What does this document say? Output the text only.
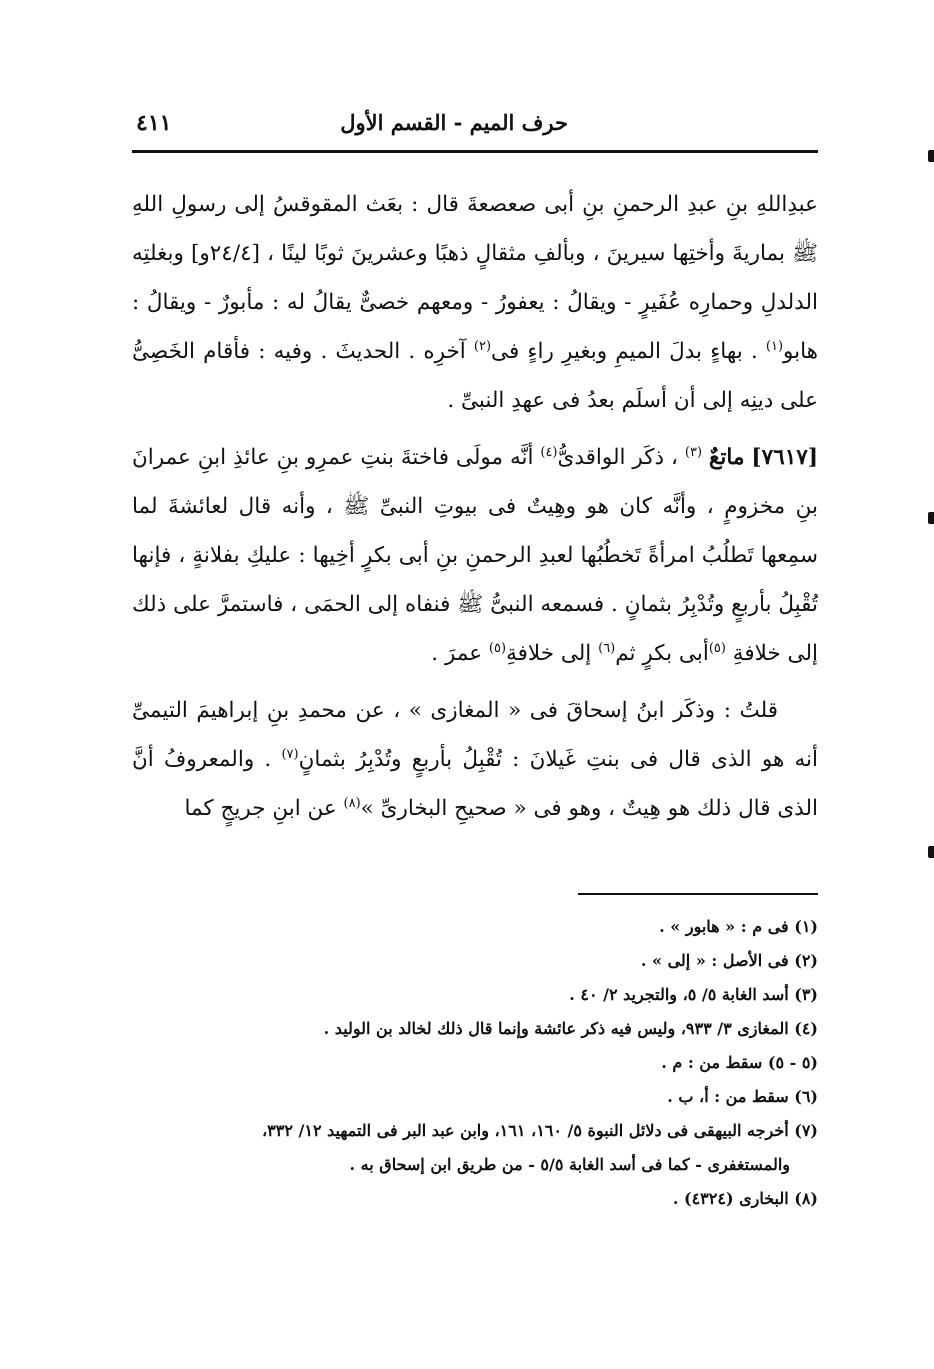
حرف الميم - القسم الأول
٤١١

عبدِاللهِ بنِ عبدِ الرحمنِ بنِ أبى صعصعةَ قال : بعَث المقوقسُ إلى رسولِ اللهِ ﷺ بماريةَ وأختِها سيرينَ ، وبألفِ مثقالٍ ذهبًا وعشرينَ ثوبًا لينًا ، [٢٤/٤و] وبغلتِه الدلدلِ وحمارِه عُفَيرٍ - ويقالُ : يعفورُ - ومعهم خصىٌّ يقالُ له : مأبورٌ - ويقالُ : هابو$^{(١)}$ . بهاءٍ بدلَ الميمِ وبغيرِ راءٍ فى$^{(٢)}$ آخرِه . الحديثَ . وفيه : فأقام الخَصِىُّ على دينِه إلى أن أسلَم بعدُ فى عهدِ النبىِّ .

[٧٦١٧] ماتعٌ $^{(٣)}$ ، ذكَر الواقدىُّ$^{(٤)}$ أنَّه مولَى فاختةَ بنتِ عمرِو بنِ عائذِ ابنِ عمرانَ بنِ مخزومٍ ، وأنَّه كان هو وهِيتٌ فى بيوتِ النبىِّ ﷺ ، وأنه قال لعائشةَ لما سمِعها تَطلُبُ امرأةً تَخطُبُها لعبدِ الرحمنِ بنِ أبى بكرٍ أخِيها : عليكِ بفلانةٍ ، فإنها تُقْبِلُ بأربعٍ وتُدْبِرُ بثمانٍ . فسمعه النبىُّ ﷺ فنفاه إلى الحمَى ، فاستمرَّ على ذلك إلى خلافةِ $^{(٥)}$أبى بكرٍ ثم$^{(٦)}$ إلى خلافةِ$^{(٥)}$ عمرَ .

قلتُ : وذكَر ابنُ إسحاقَ فى « المغازى » ، عن محمدِ بنِ إبراهيمَ التيمىِّ أنه هو الذى قال فى بنتِ غَيلانَ : تُقْبِلُ بأربعٍ وتُدْبِرُ بثمانٍ$^{(٧)}$ . والمعروفُ أنَّ الذى قال ذلك هو هِيتٌ ، وهو فى « صحيحِ البخارىِّ »$^{(٨)}$ عن ابنِ جريجٍ كما

(١) فى م : « هابور » .

(٢) فى الأصل : « إلى » .

(٣) أسد الغابة ٥/ ٥، والتجريد ٢/ ٤٠ .

(٤) المغازى ٣/ ٩٣٣، وليس فيه ذكر عائشة وإنما قال ذلك لخالد بن الوليد .

(٥ - ٥) سقط من : م .

(٦) سقط من : أ، ب .

(٧) أخرجه البيهقى فى دلائل النبوة ٥/ ١٦٠، ١٦١، وابن عبد البر فى التمهيد ١٢/ ٣٣٢،

والمستغفرى - كما فى أسد الغابة ٥/٥ - من طريق ابن إسحاق به .

(٨) البخارى (٤٣٢٤) .
